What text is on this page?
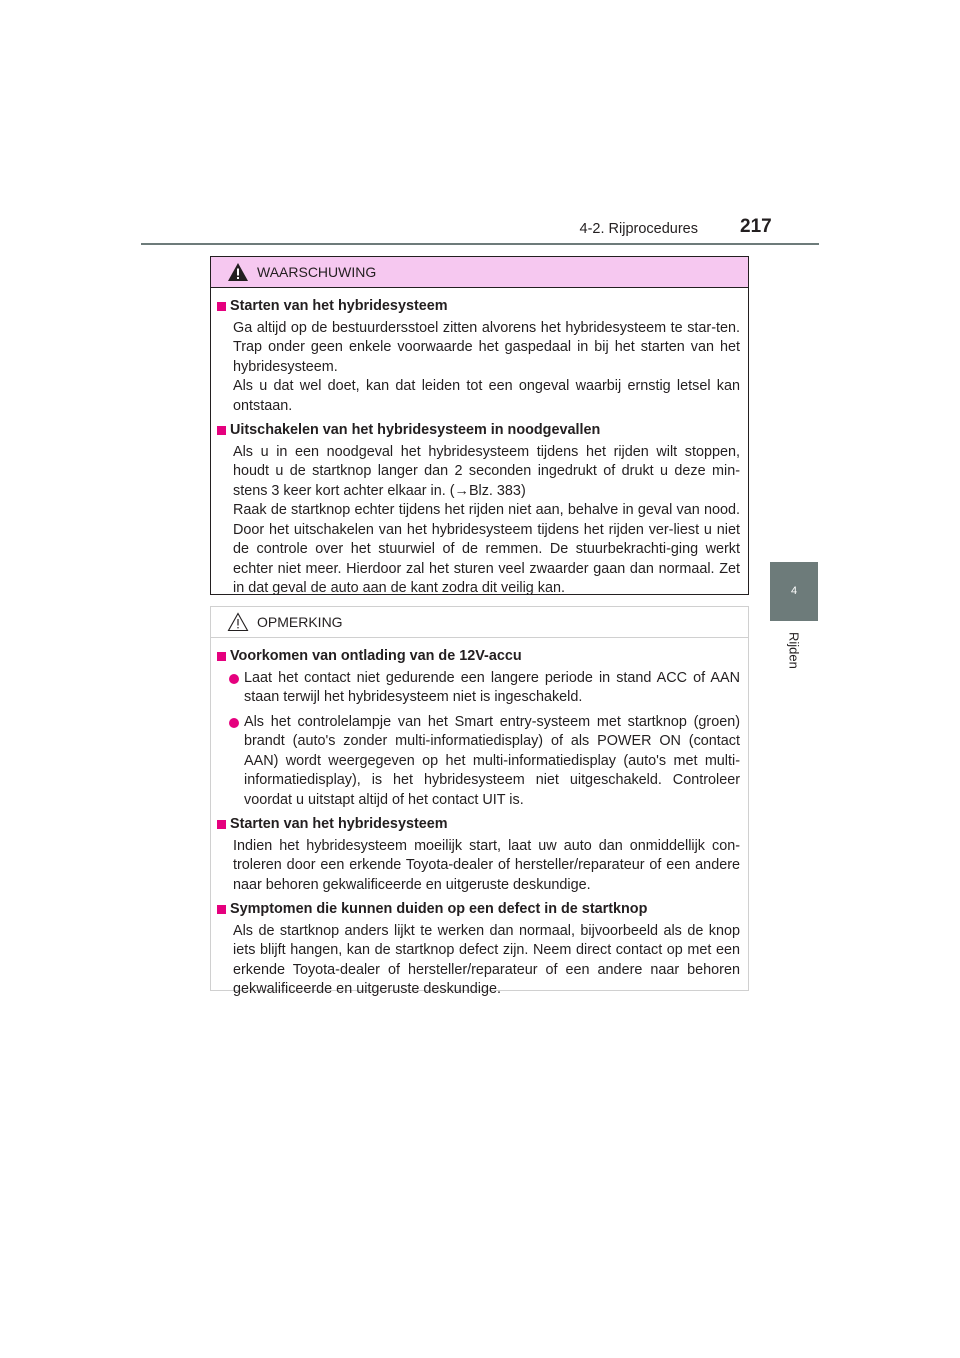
4-2. Rijprocedures 217
4
Rijden
WAARSCHUWING
Starten van het hybridesysteem

Ga altijd op de bestuurdersstoel zitten alvorens het hybridesysteem te star-ten. Trap onder geen enkele voorwaarde het gaspedaal in bij het starten van het hybridesysteem.

Als u dat wel doet, kan dat leiden tot een ongeval waarbij ernstig letsel kan ontstaan.

Uitschakelen van het hybridesysteem in noodgevallen

Als u in een noodgeval het hybridesysteem tijdens het rijden wilt stoppen, houdt u de startknop langer dan 2 seconden ingedrukt of drukt u deze min-stens 3 keer kort achter elkaar in. (→Blz. 383)

Raak de startknop echter tijdens het rijden niet aan, behalve in geval van nood. Door het uitschakelen van het hybridesysteem tijdens het rijden ver-liest u niet de controle over het stuurwiel of de remmen. De stuurbekrachti-ging werkt echter niet meer. Hierdoor zal het sturen veel zwaarder gaan dan normaal. Zet in dat geval de auto aan de kant zodra dit veilig kan.

OPMERKING
Voorkomen van ontlading van de 12V-accu
Laat het contact niet gedurende een langere periode in stand ACC of AAN staan terwijl het hybridesysteem niet is ingeschakeld.
Als het controlelampje van het Smart entry-systeem met startknop (groen) brandt (auto's zonder multi-informatiedisplay) of als POWER ON (contact AAN) wordt weergegeven op het multi-informatiedisplay (auto's met multi-informatiedisplay), is het hybridesysteem niet uitgeschakeld. Controleer voordat u uitstapt altijd of het contact UIT is.
Starten van het hybridesysteem

Indien het hybridesysteem moeilijk start, laat uw auto dan onmiddellijk con-troleren door een erkende Toyota-dealer of hersteller/reparateur of een andere naar behoren gekwalificeerde en uitgeruste deskundige.

Symptomen die kunnen duiden op een defect in de startknop

Als de startknop anders lijkt te werken dan normaal, bijvoorbeeld als de knop iets blijft hangen, kan de startknop defect zijn. Neem direct contact op met een erkende Toyota-dealer of hersteller/reparateur of een andere naar behoren gekwalificeerde en uitgeruste deskundige.
